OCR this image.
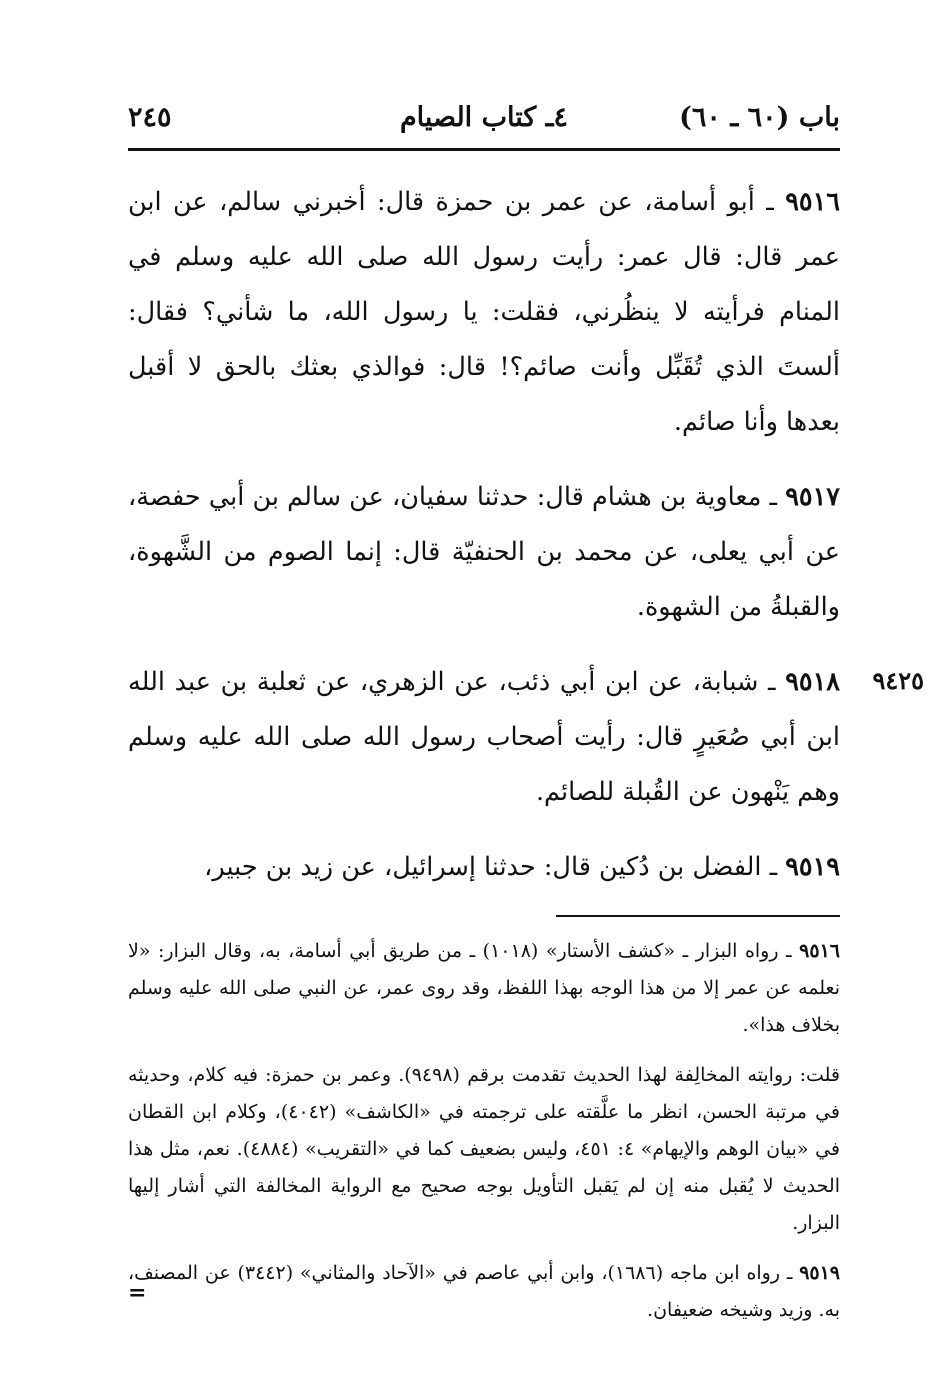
باب (٦٠ ـ ٦٠)
٤ـ كتاب الصيام
٢٤٥

٩٥١٦ ـ أبو أسامة، عن عمر بن حمزة قال: أخبرني سالم، عن ابن عمر قال: قال عمر: رأيت رسول الله صلى الله عليه وسلم في المنام فرأيته لا ينظُرني، فقلت: يا رسول الله، ما شأني؟ فقال: ألستَ الذي تُقَبِّل وأنت صائم؟! قال: فوالذي بعثك بالحق لا أقبل بعدها وأنا صائم.

٩٥١٧ ـ معاوية بن هشام قال: حدثنا سفيان، عن سالم بن أبي حفصة، عن أبي يعلى، عن محمد بن الحنفيّة قال: إنما الصوم من الشَّهوة، والقبلةُ من الشهوة.

٩٤٢٥
٩٥١٨ ـ شبابة، عن ابن أبي ذئب، عن الزهري، عن ثعلبة بن عبد الله ابن أبي صُعَيرٍ قال: رأيت أصحاب رسول الله صلى الله عليه وسلم وهم يَنْهون عن القُبلة للصائم.

٩٥١٩ ـ الفضل بن دُكين قال: حدثنا إسرائيل، عن زيد بن جبير،

٩٥١٦ ـ رواه البزار ـ «كشف الأستار» (١٠١٨) ـ من طريق أبي أسامة، به، وقال البزار: «لا نعلمه عن عمر إلا من هذا الوجه بهذا اللفظ، وقد روى عمر، عن النبي صلى الله عليه وسلم بخلاف هذا».

قلت: روايته المخالِفة لهذا الحديث تقدمت برقم (٩٤٩٨). وعمر بن حمزة: فيه كلام، وحديثه في مرتبة الحسن، انظر ما علَّقته على ترجمته في «الكاشف» (٤٠٤٢)، وكلام ابن القطان في «بيان الوهم والإيهام» ٤: ٤٥١، وليس بضعيف كما في «التقريب» (٤٨٨٤). نعم، مثل هذا الحديث لا يُقبل منه إن لم يَقبل التأويل بوجه صحيح مع الرواية المخالفة التي أشار إليها البزار.

٩٥١٩ ـ رواه ابن ماجه (١٦٨٦)، وابن أبي عاصم في «الآحاد والمثاني» (٣٤٤٢) عن المصنف، به. وزيد وشيخه ضعيفان.

=
